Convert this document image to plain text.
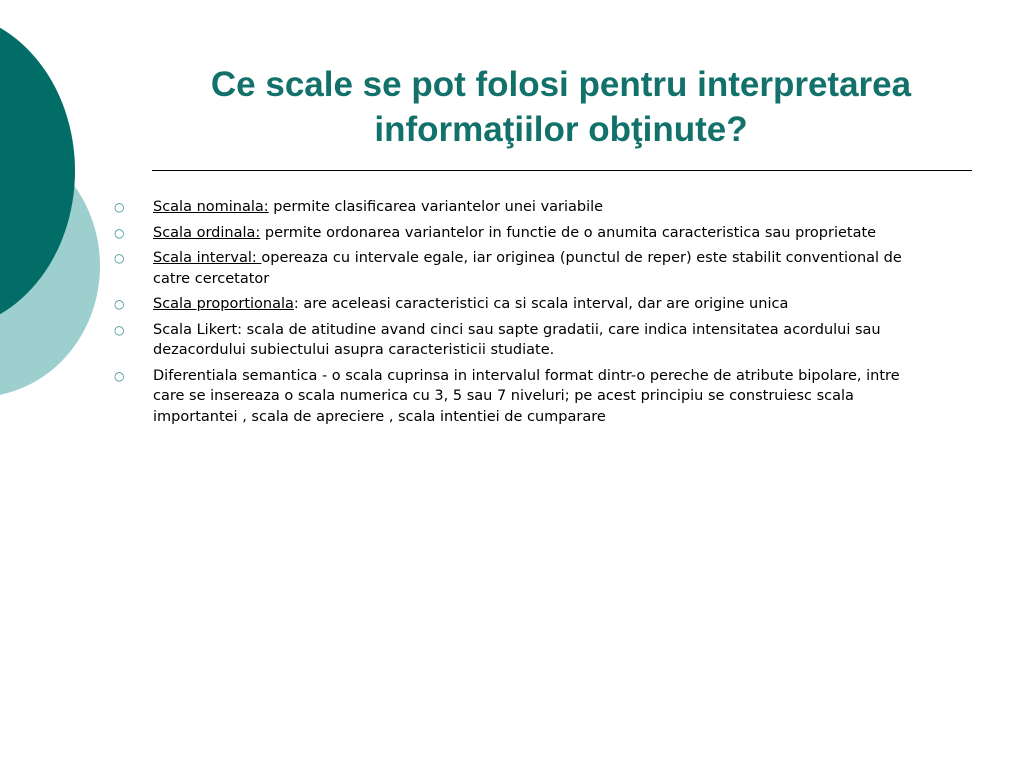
Ce scale se pot folosi pentru interpretarea
informaţiilor obţinute?
○ Scala nominala: permite clasificarea variantelor unei variabile
○ Scala ordinala: permite ordonarea variantelor in functie de o anumita caracteristica sau proprietate
○ Scala interval: opereaza cu intervale egale, iar originea (punctul de reper) este stabilit conventional de catre cercetator
○ Scala proportionala: are aceleasi caracteristici ca si scala interval, dar are origine unica
○ Scala Likert: scala de atitudine avand cinci sau sapte gradatii, care indica intensitatea acordului sau dezacordului subiectului asupra caracteristicii studiate.
○ Diferentiala semantica - o scala cuprinsa in intervalul format dintr-o pereche de atribute bipolare, intre care se insereaza o scala numerica cu 3, 5 sau 7 niveluri; pe acest principiu se construiesc scala importantei , scala de apreciere , scala intentiei de cumparare
